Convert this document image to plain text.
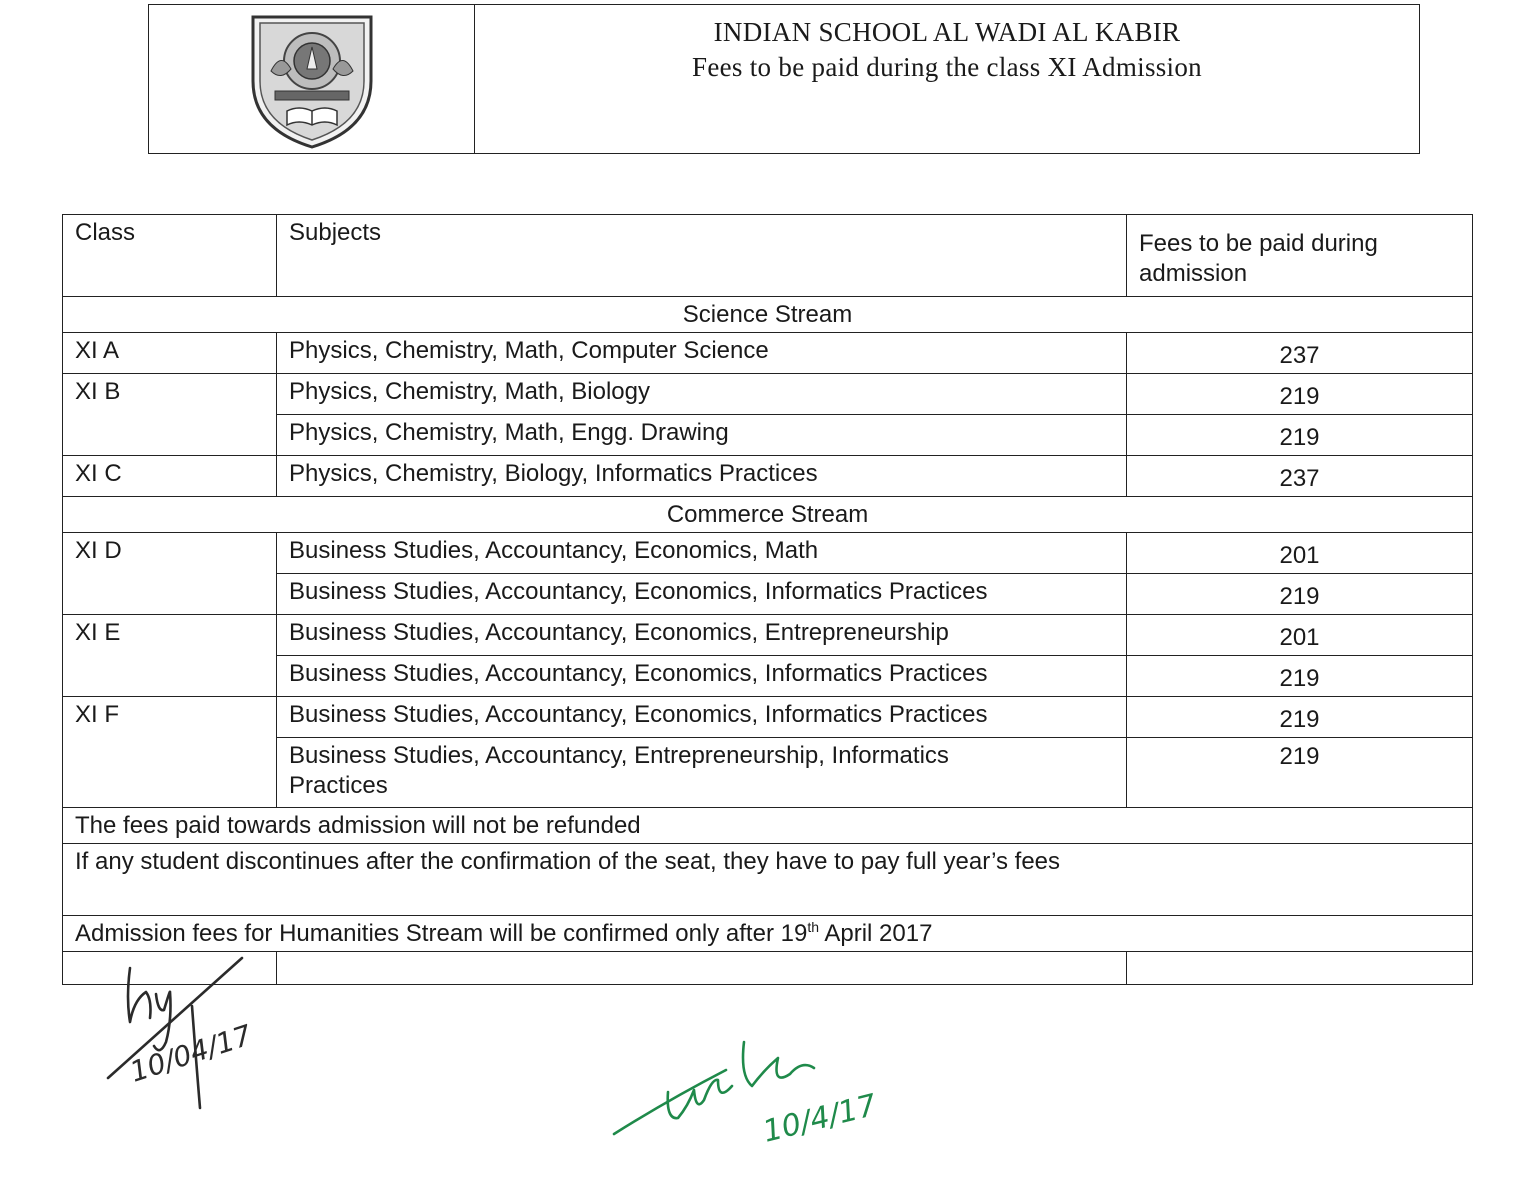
INDIAN SCHOOL AL WADI AL KABIR
Fees to be paid during the class XI Admission
Class	Subjects	Fees to be paid during admission
Science Stream		
XI A	Physics, Chemistry, Math, Computer Science	237
XI B	Physics, Chemistry, Math, Biology	219
	Physics, Chemistry, Math, Engg. Drawing	219
XI C	Physics, Chemistry, Biology, Informatics Practices	237
Commerce Stream		
XI D	Business Studies, Accountancy, Economics, Math	201
	Business Studies, Accountancy, Economics, Informatics Practices	219
XI E	Business Studies, Accountancy, Economics, Entrepreneurship	201
	Business Studies, Accountancy, Economics, Informatics Practices	219
XI F	Business Studies, Accountancy, Economics, Informatics Practices	219
	Business Studies, Accountancy, Entrepreneurship, Informatics Practices	219
The fees paid towards admission will not be refunded		
If any student discontinues after the confirmation of the seat, they have to pay full year’s fees		
Admission fees for Humanities Stream will be confirmed only after 19th April 2017		

10/04/17
10/4/17
